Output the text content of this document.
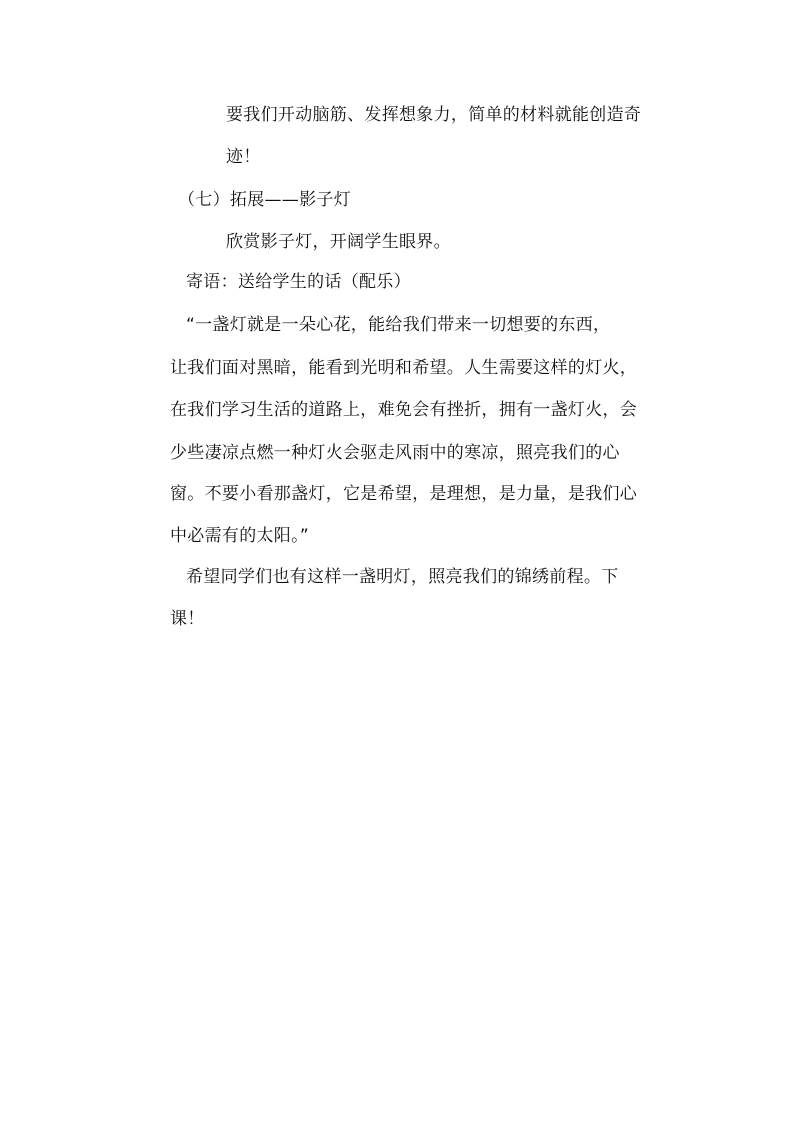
要我们开动脑筋、发挥想象力，简单的材料就能创造奇
迹！
（七）拓展——影子灯
欣赏影子灯，开阔学生眼界。
寄语：送给学生的话（配乐）
“一盏灯就是一朵心花，能给我们带来一切想要的东西，
让我们面对黑暗，能看到光明和希望。人生需要这样的灯火，
在我们学习生活的道路上，难免会有挫折，拥有一盏灯火，会
少些凄凉点燃一种灯火会驱走风雨中的寒凉，照亮我们的心
窗。不要小看那盏灯，它是希望，是理想，是力量，是我们心
中必需有的太阳。”
希望同学们也有这样一盏明灯，照亮我们的锦绣前程。下
课！
